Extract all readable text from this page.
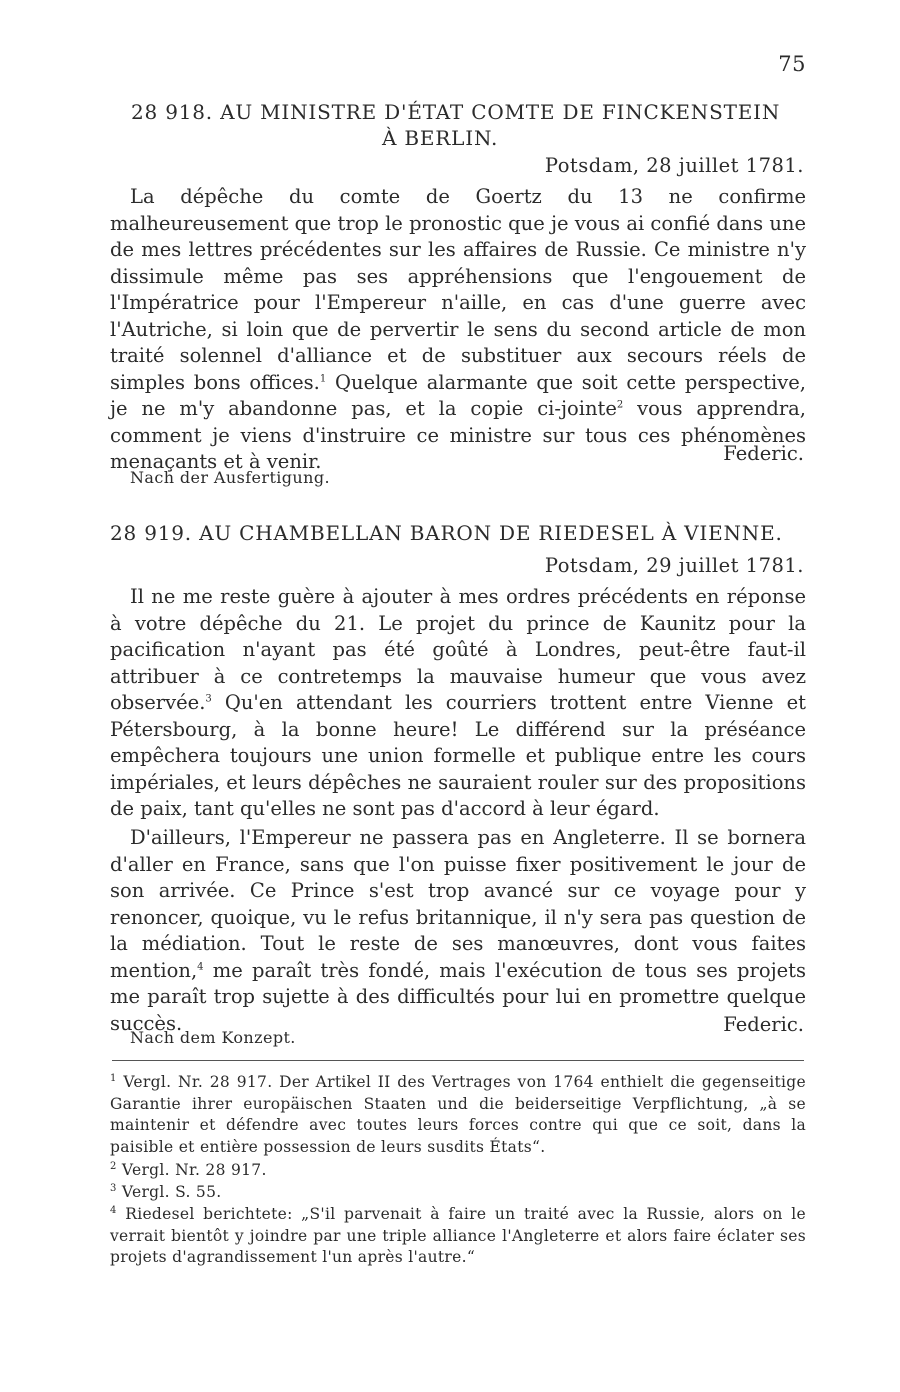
75
28 918. AU MINISTRE D'ÉTAT COMTE DE FINCKENSTEIN
À BERLIN.
Potsdam, 28 juillet 1781.
La dépêche du comte de Goertz du 13 ne confirme malheureusement que trop le pronostic que je vous ai confié dans une de mes lettres précédentes sur les affaires de Russie. Ce ministre n'y dissimule même pas ses appréhensions que l'engouement de l'Impératrice pour l'Empereur n'aille, en cas d'une guerre avec l'Autriche, si loin que de pervertir le sens du second article de mon traité solennel d'alliance et de substituer aux secours réels de simples bons offices.$^1$ Quelque alarmante que soit cette perspective, je ne m'y abandonne pas, et la copie ci-jointe$^2$ vous apprendra, comment je viens d'instruire ce ministre sur tous ces phénomènes menaçants et à venir.	Federic.
Nach der Ausfertigung.
28 919. AU CHAMBELLAN BARON DE RIEDESEL À VIENNE.
Potsdam, 29 juillet 1781.
Il ne me reste guère à ajouter à mes ordres précédents en réponse à votre dépêche du 21. Le projet du prince de Kaunitz pour la pacification n'ayant pas été goûté à Londres, peut-être faut-il attribuer à ce contretemps la mauvaise humeur que vous avez observée.$^3$ Qu'en attendant les courriers trottent entre Vienne et Pétersbourg, à la bonne heure! Le différend sur la préséance empêchera toujours une union formelle et publique entre les cours impériales, et leurs dépêches ne sauraient rouler sur des propositions de paix, tant qu'elles ne sont pas d'accord à leur égard.
D'ailleurs, l'Empereur ne passera pas en Angleterre. Il se bornera d'aller en France, sans que l'on puisse fixer positivement le jour de son arrivée. Ce Prince s'est trop avancé sur ce voyage pour y renoncer, quoique, vu le refus britannique, il n'y sera pas question de la médiation. Tout le reste de ses manœuvres, dont vous faites mention,$^4$ me paraît très fondé, mais l'exécution de tous ses projets me paraît trop sujette à des difficultés pour lui en promettre quelque succès.	Federic.
Nach dem Konzept.
$^1$ Vergl. Nr. 28 917. Der Artikel II des Vertrages von 1764 enthielt die gegenseitige Garantie ihrer europäischen Staaten und die beiderseitige Verpflichtung, „à se maintenir et défendre avec toutes leurs forces contre qui que ce soit, dans la paisible et entière possession de leurs susdits États“.
$^2$ Vergl. Nr. 28 917.
$^3$ Vergl. S. 55.
$^4$ Riedesel berichtete: „S'il parvenait à faire un traité avec la Russie, alors on le verrait bientôt y joindre par une triple alliance l'Angleterre et alors faire éclater ses projets d'agrandissement l'un après l'autre.“
